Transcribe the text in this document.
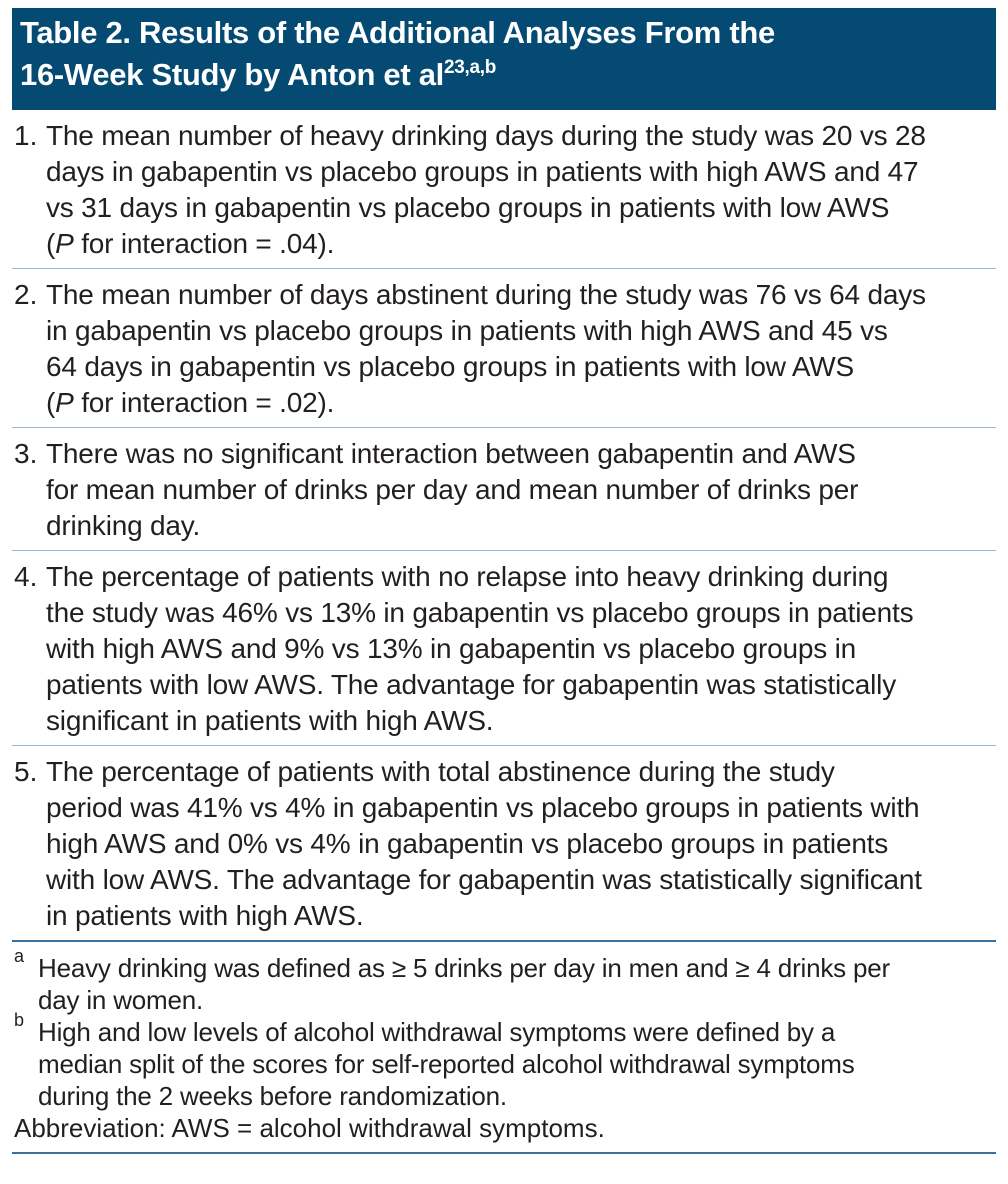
Table 2. Results of the Additional Analyses From the
16-Week Study by Anton et al$^{23,a,b}$
1. The mean number of heavy drinking days during the study was 20 vs 28
days in gabapentin vs placebo groups in patients with high AWS and 47
vs 31 days in gabapentin vs placebo groups in patients with low AWS
(P for interaction = .04).
2. The mean number of days abstinent during the study was 76 vs 64 days
in gabapentin vs placebo groups in patients with high AWS and 45 vs
64 days in gabapentin vs placebo groups in patients with low AWS
(P for interaction = .02).
3. There was no significant interaction between gabapentin and AWS
for mean number of drinks per day and mean number of drinks per
drinking day.
4. The percentage of patients with no relapse into heavy drinking during
the study was 46% vs 13% in gabapentin vs placebo groups in patients
with high AWS and 9% vs 13% in gabapentin vs placebo groups in
patients with low AWS. The advantage for gabapentin was statistically
significant in patients with high AWS.
5. The percentage of patients with total abstinence during the study
period was 41% vs 4% in gabapentin vs placebo groups in patients with
high AWS and 0% vs 4% in gabapentin vs placebo groups in patients
with low AWS. The advantage for gabapentin was statistically significant
in patients with high AWS.
a Heavy drinking was defined as ≥ 5 drinks per day in men and ≥ 4 drinks per
day in women.
b High and low levels of alcohol withdrawal symptoms were defined by a
median split of the scores for self-reported alcohol withdrawal symptoms
during the 2 weeks before randomization.
Abbreviation: AWS = alcohol withdrawal symptoms.
